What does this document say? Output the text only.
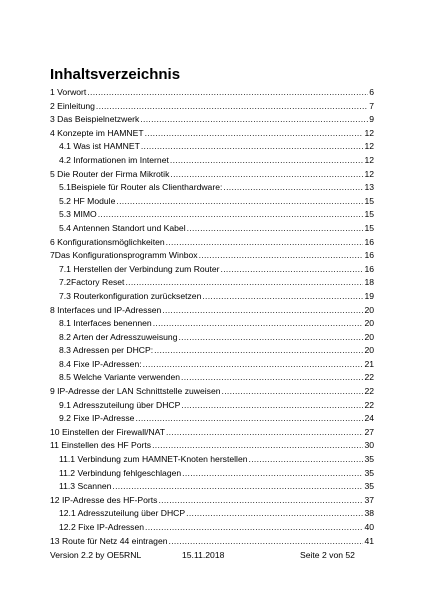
Inhaltsverzeichnis
1 Vorwort .....	6
2 Einleitung .....	7
3 Das Beispielnetzwerk .....	9
4 Konzepte im HAMNET .....	12
4.1 Was ist HAMNET .....	12
4.2 Informationen im Internet .....	12
5 Die Router der Firma Mikrotik .....	12
5.1Beispiele für Router als Clienthardware: .....	13
5.2 HF Module .....	15
5.3 MIMO .....	15
5.4 Antennen Standort und Kabel .....	15
6 Konfigurationsmöglichkeiten .....	16
7Das Konfigurationsprogramm Winbox .....	16
7.1 Herstellen der Verbindung zum Router .....	16
7.2Factory Reset .....	18
7.3 Routerkonfiguration zurücksetzen .....	19
8 Interfaces und IP-Adressen .....	20
8.1 Interfaces benennen .....	20
8.2 Arten der Adresszuweisung .....	20
8.3 Adressen per DHCP: .....	20
8.4 Fixe IP-Adressen: .....	21
8.5 Welche Variante verwenden .....	22
9 IP-Adresse der LAN Schnittstelle zuweisen .....	22
9.1 Adresszuteilung über DHCP .....	22
9.2 Fixe IP-Adresse .....	24
10 Einstellen der Firewall/NAT .....	27
11 Einstellen des HF Ports .....	30
11.1 Verbindung zum HAMNET-Knoten herstellen .....	35
11.2 Verbindung fehlgeschlagen .....	35
11.3 Scannen .....	35
12 IP-Adresse des HF-Ports .....	37
12.1 Adresszuteilung über DHCP .....	38
12.2 Fixe IP-Adressen .....	40
13 Route für Netz 44 eintragen .....	41
Version 2.2 by OE5RNL	15.11.2018	Seite 2 von 52
